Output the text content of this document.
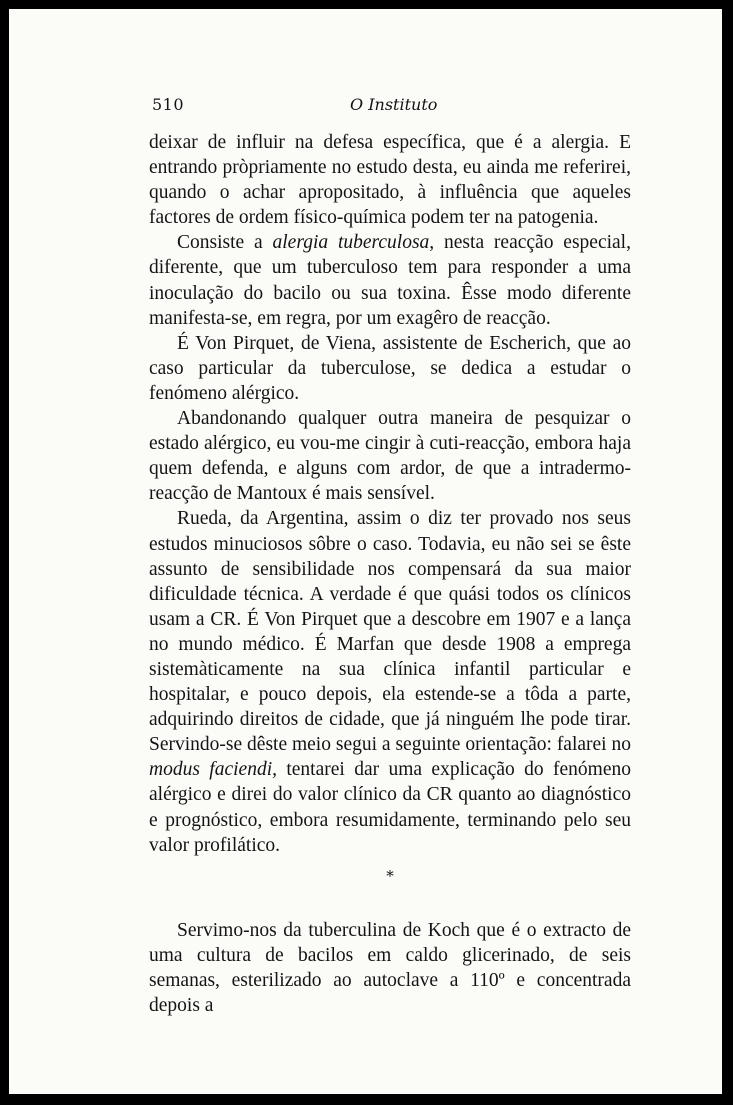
510	O Instituto

deixar de influir na defesa específica, que é a alergia. E entrando pròpriamente no estudo desta, eu ainda me referirei, quando o achar apropositado, à influência que aqueles factores de ordem físico-química podem ter na patogenia.

Consiste a alergia tuberculosa, nesta reacção especial, diferente, que um tuberculoso tem para responder a uma inoculação do bacilo ou sua toxina. Êsse modo diferente manifesta-se, em regra, por um exagêro de reacção.

É Von Pirquet, de Viena, assistente de Escherich, que ao caso particular da tuberculose, se dedica a estudar o fenómeno alérgico.

Abandonando qualquer outra maneira de pesquizar o estado alérgico, eu vou-me cingir à cuti-reacção, embora haja quem defenda, e alguns com ardor, de que a intradermo-reacção de Mantoux é mais sensível.

Rueda, da Argentina, assim o diz ter provado nos seus estudos minuciosos sôbre o caso. Todavia, eu não sei se êste assunto de sensibilidade nos compensará da sua maior dificuldade técnica. A verdade é que quási todos os clínicos usam a CR. É Von Pirquet que a descobre em 1907 e a lança no mundo médico. É Marfan que desde 1908 a emprega sistemàticamente na sua clínica infantil particular e hospitalar, e pouco depois, ela estende-se a tôda a parte, adquirindo direitos de cidade, que já ninguém lhe pode tirar. Servindo-se dêste meio segui a seguinte orientação: falarei no modus faciendi, tentarei dar uma explicação do fenómeno alérgico e direi do valor clínico da CR quanto ao diagnóstico e prognóstico, embora resumidamente, terminando pelo seu valor profilático.

*

Servimo-nos da tuberculina de Koch que é o extracto de uma cultura de bacilos em caldo glicerinado, de seis semanas, esterilizado ao autoclave a 110º e concentrada depois a
